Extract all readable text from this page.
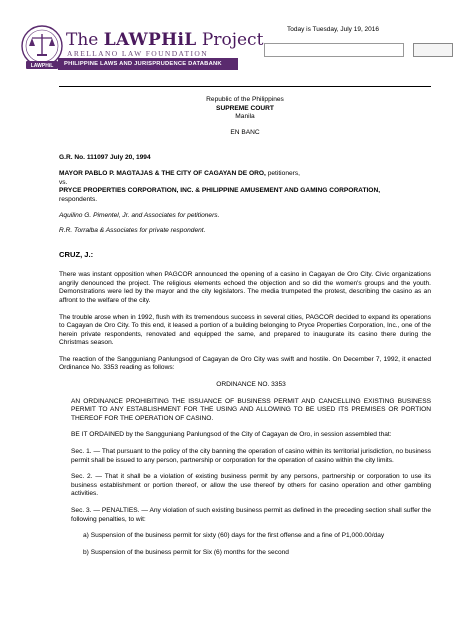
LAWPHiL
The LAWPHiL Project
ARELLANO LAW FOUNDATION
PHILIPPINE LAWS AND JURISPRUDENCE DATABANK
Today is Tuesday, July 19, 2016
Republic of the Philippines
SUPREME COURT
Manila
EN BANC
G.R. No. 111097 July 20, 1994
MAYOR PABLO P. MAGTAJAS & THE CITY OF CAGAYAN DE ORO, petitioners,
vs.
PRYCE PROPERTIES CORPORATION, INC. & PHILIPPINE AMUSEMENT AND GAMING CORPORATION,
respondents.
Aquilino G. Pimentel, Jr. and Associates for petitioners.
R.R. Torralba & Associates for private respondent.
CRUZ, J.:

There was instant opposition when PAGCOR announced the opening of a casino in Cagayan de Oro City. Civic organizations angrily denounced the project. The religious elements echoed the objection and so did the women's groups and the youth. Demonstrations were led by the mayor and the city legislators. The media trumpeted the protest, describing the casino as an affront to the welfare of the city.

The trouble arose when in 1992, flush with its tremendous success in several cities, PAGCOR decided to expand its operations to Cagayan de Oro City. To this end, it leased a portion of a building belonging to Pryce Properties Corporation, Inc., one of the herein private respondents, renovated and equipped the same, and prepared to inaugurate its casino there during the Christmas season.

The reaction of the Sangguniang Panlungsod of Cagayan de Oro City was swift and hostile. On December 7, 1992, it enacted Ordinance No. 3353 reading as follows:

ORDINANCE NO. 3353

AN ORDINANCE PROHIBITING THE ISSUANCE OF BUSINESS PERMIT AND CANCELLING EXISTING BUSINESS PERMIT TO ANY ESTABLISHMENT FOR THE USING AND ALLOWING TO BE USED ITS PREMISES OR PORTION THEREOF FOR THE OPERATION OF CASINO.

BE IT ORDAINED by the Sangguniang Panlungsod of the City of Cagayan de Oro, in session assembled that:

Sec. 1. — That pursuant to the policy of the city banning the operation of casino within its territorial jurisdiction, no business permit shall be issued to any person, partnership or corporation for the operation of casino within the city limits.

Sec. 2. — That it shall be a violation of existing business permit by any persons, partnership or corporation to use its business establishment or portion thereof, or allow the use thereof by others for casino operation and other gambling activities.

Sec. 3. — PENALTIES. — Any violation of such existing business permit as defined in the preceding section shall suffer the following penalties, to wit:

a) Suspension of the business permit for sixty (60) days for the first offense and a fine of P1,000.00/day

b) Suspension of the business permit for Six (6) months for the second
